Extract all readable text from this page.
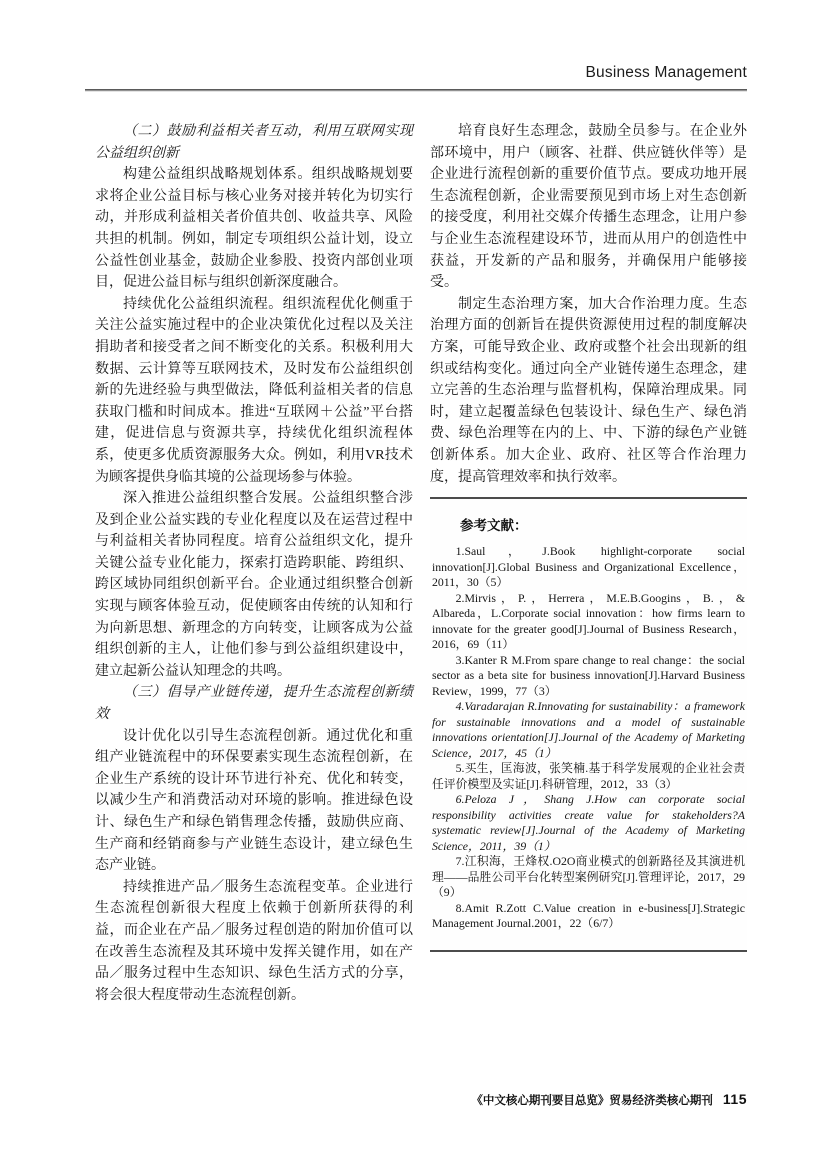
Business Management

（二）鼓励利益相关者互动，利用互联网实现公益组织创新

构建公益组织战略规划体系。组织战略规划要求将企业公益目标与核心业务对接并转化为切实行动，并形成利益相关者价值共创、收益共享、风险共担的机制。例如，制定专项组织公益计划，设立公益性创业基金，鼓励企业参股、投资内部创业项目，促进公益目标与组织创新深度融合。

持续优化公益组织流程。组织流程优化侧重于关注公益实施过程中的企业决策优化过程以及关注捐助者和接受者之间不断变化的关系。积极利用大数据、云计算等互联网技术，及时发布公益组织创新的先进经验与典型做法，降低利益相关者的信息获取门槛和时间成本。推进“互联网＋公益”平台搭建，促进信息与资源共享，持续优化组织流程体系，使更多优质资源服务大众。例如，利用VR技术为顾客提供身临其境的公益现场参与体验。

深入推进公益组织整合发展。公益组织整合涉及到企业公益实践的专业化程度以及在运营过程中与利益相关者协同程度。培育公益组织文化，提升关键公益专业化能力，探索打造跨职能、跨组织、跨区域协同组织创新平台。企业通过组织整合创新实现与顾客体验互动，促使顾客由传统的认知和行为向新思想、新理念的方向转变，让顾客成为公益组织创新的主人，让他们参与到公益组织建设中，建立起新公益认知理念的共鸣。

（三）倡导产业链传递，提升生态流程创新绩效

设计优化以引导生态流程创新。通过优化和重组产业链流程中的环保要素实现生态流程创新，在企业生产系统的设计环节进行补充、优化和转变，以减少生产和消费活动对环境的影响。推进绿色设计、绿色生产和绿色销售理念传播，鼓励供应商、生产商和经销商参与产业链生态设计，建立绿色生态产业链。

持续推进产品／服务生态流程变革。企业进行生态流程创新很大程度上依赖于创新所获得的利益，而企业在产品／服务过程创造的附加价值可以在改善生态流程及其环境中发挥关键作用，如在产品／服务过程中生态知识、绿色生活方式的分享，将会很大程度带动生态流程创新。

培育良好生态理念，鼓励全员参与。在企业外部环境中，用户（顾客、社群、供应链伙伴等）是企业进行流程创新的重要价值节点。要成功地开展生态流程创新，企业需要预见到市场上对生态创新的接受度，利用社交媒介传播生态理念，让用户参与企业生态流程建设环节，进而从用户的创造性中获益，开发新的产品和服务，并确保用户能够接受。

制定生态治理方案，加大合作治理力度。生态治理方面的创新旨在提供资源使用过程的制度解决方案，可能导致企业、政府或整个社会出现新的组织或结构变化。通过向全产业链传递生态理念，建立完善的生态治理与监督机构，保障治理成果。同时，建立起覆盖绿色包装设计、绿色生产、绿色消费、绿色治理等在内的上、中、下游的绿色产业链创新体系。加大企业、政府、社区等合作治理力度，提高管理效率和执行效率。

参考文献：

1.Saul，J.Book highlight-corporate social innovation[J].Global Business and Organizational Excellence，2011，30（5）
2.Mirvis，P.，Herrera，M.E.B.Googins，B.，& Albareda，L.Corporate social innovation：how firms learn to innovate for the greater good[J].Journal of Business Research，2016，69（11）
3.Kanter R M.From spare change to real change：the social sector as a beta site for business innovation[J].Harvard Business Review，1999，77（3）
4.Varadarajan R.Innovating for sustainability：a framework for sustainable innovations and a model of sustainable innovations orientation[J].Journal of the Academy of Marketing Science，2017，45（1）
5.买生，匡海波，张笑楠.基于科学发展观的企业社会责任评价模型及实证[J].科研管理，2012，33（3）
6.Peloza J，Shang J.How can corporate social responsibility activities create value for stakeholders?A systematic review[J].Journal of the Academy of Marketing Science，2011，39（1）
7.江积海，王烽权.O2O商业模式的创新路径及其演进机理——品胜公司平台化转型案例研究[J].管理评论，2017，29（9）
8.Amit R.Zott C.Value creation in e-business[J].Strategic Management Journal.2001，22（6/7）
《中文核心期刊要目总览》贸易经济类核心期刊 115
